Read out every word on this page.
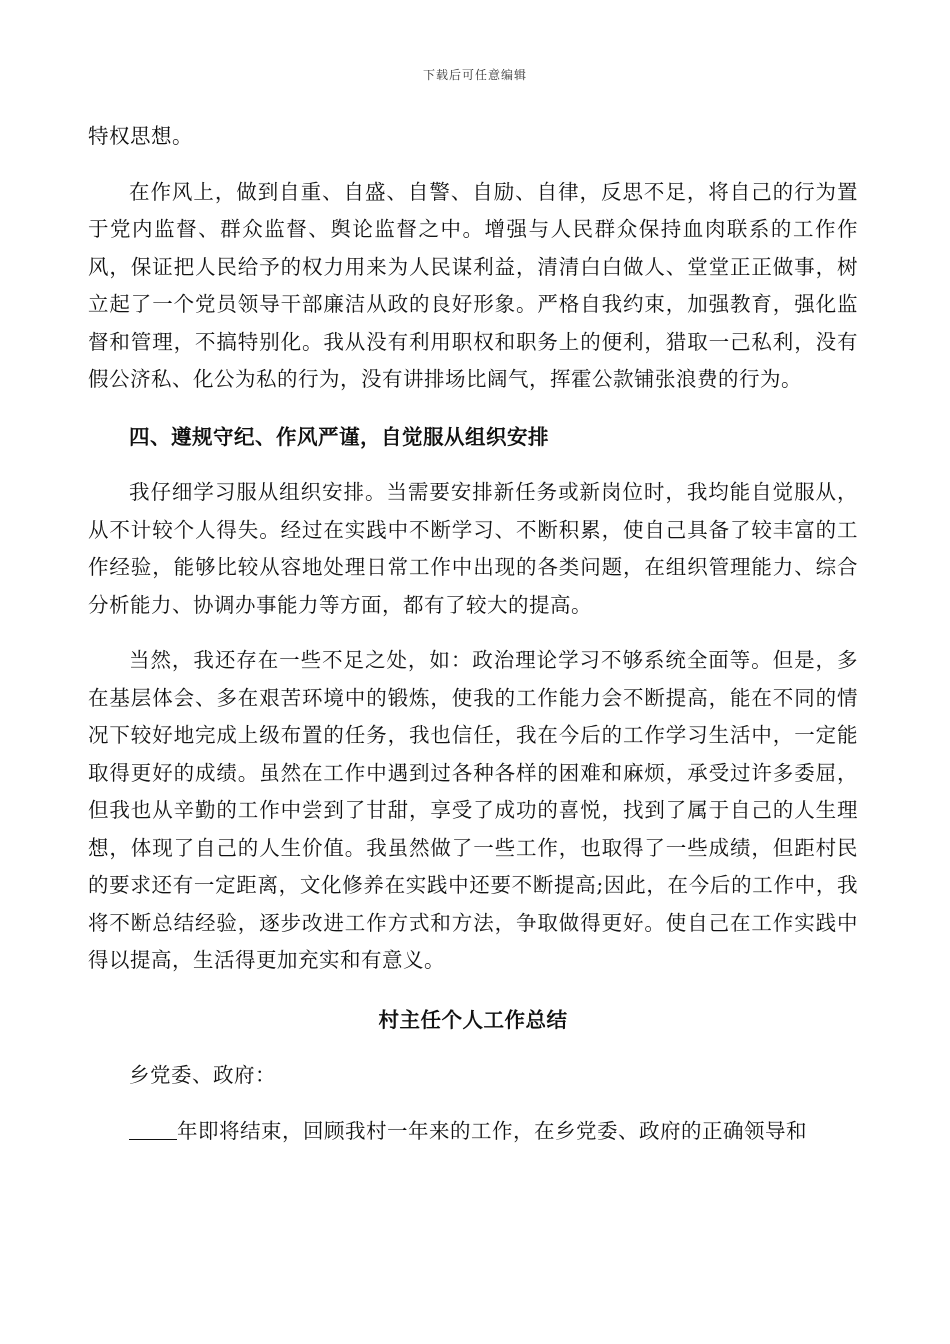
下载后可任意编辑

特权思想。

在作风上，做到自重、自盛、自警、自励、自律，反思不足，将自己的行为置于党内监督、群众监督、舆论监督之中。增强与人民群众保持血肉联系的工作作风，保证把人民给予的权力用来为人民谋利益，清清白白做人、堂堂正正做事，树立起了一个党员领导干部廉洁从政的良好形象。严格自我约束，加强教育，强化监督和管理，不搞特别化。我从没有利用职权和职务上的便利，猎取一己私利，没有假公济私、化公为私的行为，没有讲排场比阔气，挥霍公款铺张浪费的行为。

四、遵规守纪、作风严谨，自觉服从组织安排

我仔细学习服从组织安排。当需要安排新任务或新岗位时，我均能自觉服从，从不计较个人得失。经过在实践中不断学习、不断积累，使自己具备了较丰富的工作经验，能够比较从容地处理日常工作中出现的各类问题，在组织管理能力、综合分析能力、协调办事能力等方面，都有了较大的提高。

当然，我还存在一些不足之处，如：政治理论学习不够系统全面等。但是，多在基层体会、多在艰苦环境中的锻炼，使我的工作能力会不断提高，能在不同的情况下较好地完成上级布置的任务，我也信任，我在今后的工作学习生活中，一定能取得更好的成绩。虽然在工作中遇到过各种各样的困难和麻烦，承受过许多委屈，但我也从辛勤的工作中尝到了甘甜，享受了成功的喜悦，找到了属于自己的人生理想，体现了自己的人生价值。我虽然做了一些工作，也取得了一些成绩，但距村民的要求还有一定距离，文化修养在实践中还要不断提高;因此，在今后的工作中，我将不断总结经验，逐步改进工作方式和方法，争取做得更好。使自己在工作实践中得以提高，生活得更加充实和有意义。

村主任个人工作总结

乡党委、政府：

年即将结束，回顾我村一年来的工作，在乡党委、政府的正确领导和
